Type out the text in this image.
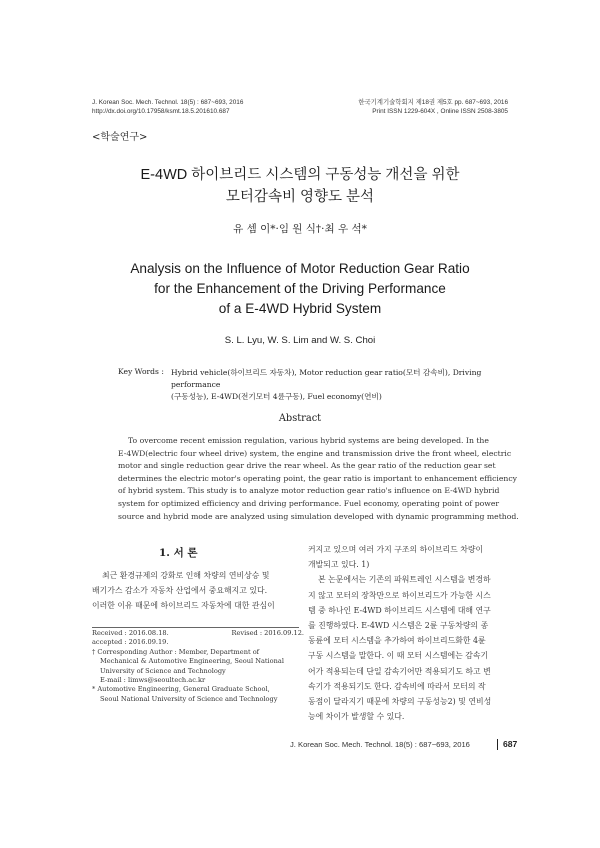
J. Korean Soc. Mech. Technol. 18(5) : 687~693, 2016
http://dx.doi.org/10.17958/ksmt.18.5.201610.687
한국기계기술학회지 제18권 제5호 pp. 687~693, 2016
Print ISSN 1229-604X , Online ISSN 2508-3805
<학술연구>
E-4WD 하이브리드 시스템의 구동성능 개선을 위한
모터감속비 영향도 분석
유 셈 이*·임 원 식†·최 우 석*
Analysis on the Influence of Motor Reduction Gear Ratio
for the Enhancement of the Driving Performance
of a E-4WD Hybrid System
S. L. Lyu, W. S. Lim and W. S. Choi
Key Words : Hybrid vehicle(하이브리드 자동차), Motor reduction gear ratio(모터 감속비), Driving performance
(구동성능), E-4WD(전기모터 4륜구동), Fuel economy(연비)
Abstract
To overcome recent emission regulation, various hybrid systems are being developed. In the
E-4WD(electric four wheel drive) system, the engine and transmission drive the front wheel, electric
motor and single reduction gear drive the rear wheel. As the gear ratio of the reduction gear set
determines the electric motor's operating point, the gear ratio is important to enhancement efficiency
of hybrid system. This study is to analyze motor reduction gear ratio's influence on E-4WD hybrid
system for optimized efficiency and driving performance. Fuel economy, operating point of power
source and hybrid mode are analyzed using simulation developed with dynamic programming method.
1. 서 론
최근 환경규제의 강화로 인해 차량의 연비상승 및
배기가스 감소가 자동차 산업에서 중요해지고 있다.
이러한 이유 때문에 하이브리드 자동차에 대한 관심이
Received : 2016.08.18.	Revised : 2016.09.12.
accepted : 2016.09.19.
† Corresponding Author : Member, Department of
Mechanical & Automotive Engineering, Seoul National
University of Science and Technology
E-mail : limws@seoultech.ac.kr
* Automotive Engineering, General Graduate School,
Seoul National University of Science and Technology
커지고 있으며 여러 가지 구조의 하이브리드 차량이
개발되고 있다. 1)
본 논문에서는 기존의 파워트레인 시스템을 변경하
지 않고 모터의 장착만으로 하이브리드가 가능한 시스
템 중 하나인 E-4WD 하이브리드 시스템에 대해 연구
를 진행하였다. E-4WD 시스템은 2륜 구동차량의 종
동륜에 모터 시스템을 추가하여 하이브리드화한 4륜
구동 시스템을 말한다. 이 때 모터 시스템에는 감속기
어가 적용되는데 단일 감속기어만 적용되기도 하고 변
속기가 적용되기도 한다. 감속비에 따라서 모터의 작
동점이 달라지기 때문에 차량의 구동성능2) 및 연비성
능에 차이가 발생할 수 있다.
J. Korean Soc. Mech. Technol. 18(5) : 687~693, 2016	687
